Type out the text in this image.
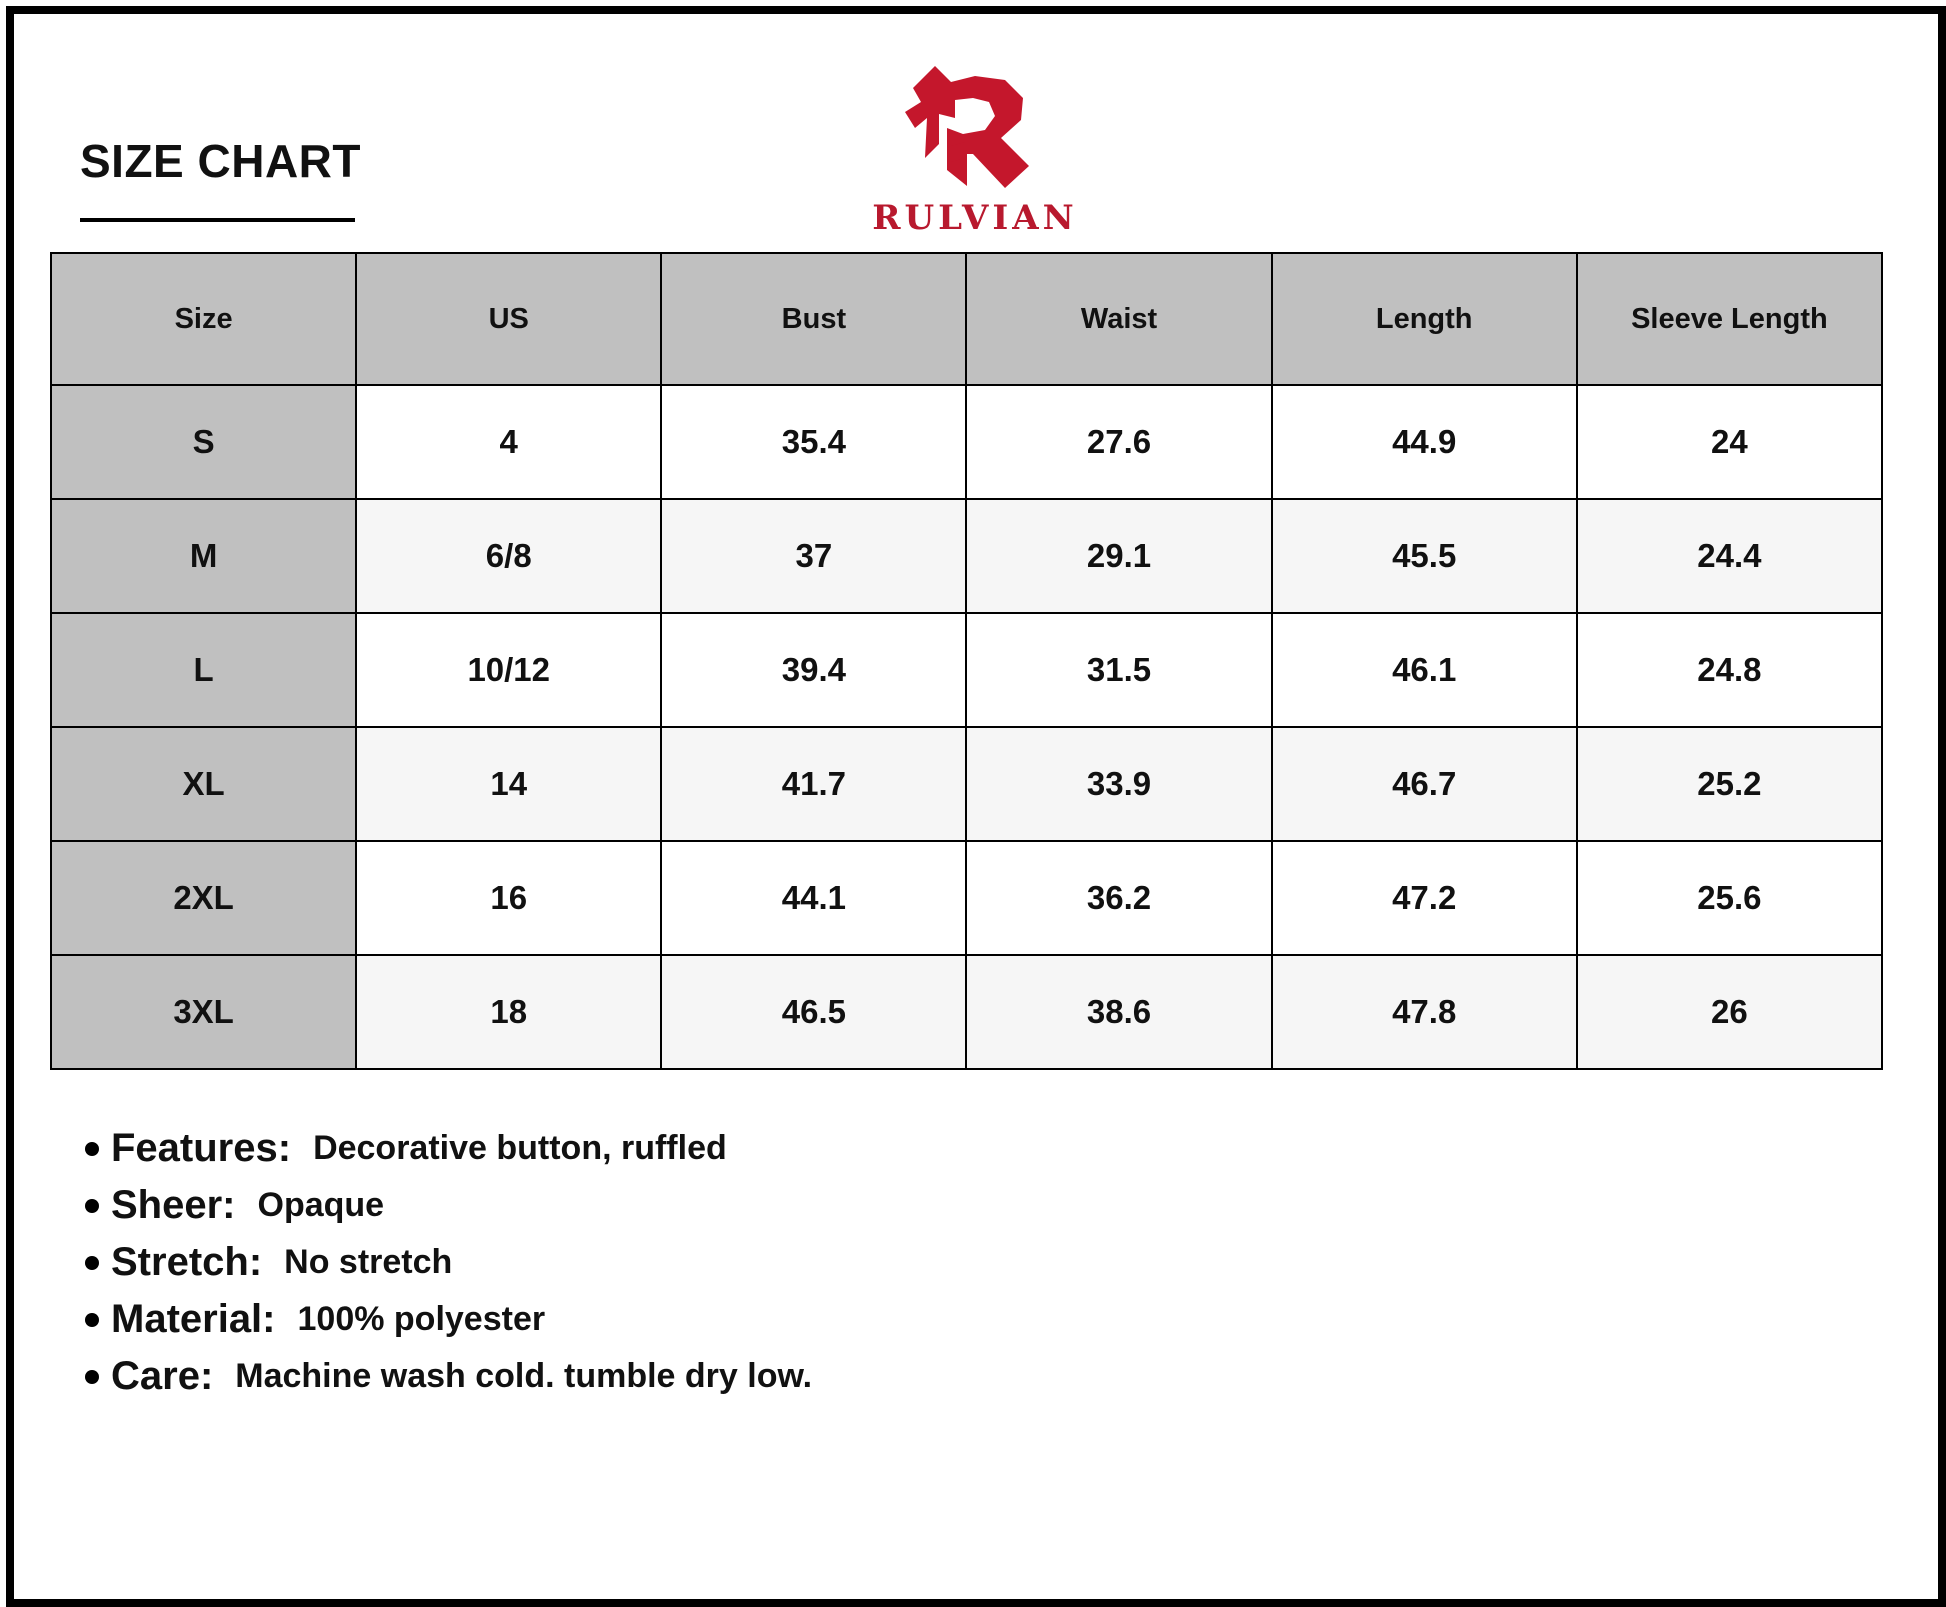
SIZE CHART
RULVIAN
Size	US	Bust	Waist	Length	Sleeve Length
S	4	35.4	27.6	44.9	24
M	6/8	37	29.1	45.5	24.4
L	10/12	39.4	31.5	46.1	24.8
XL	14	41.7	33.9	46.7	25.2
2XL	16	44.1	36.2	47.2	25.6
3XL	18	46.5	38.6	47.8	26
Features: Decorative button, ruffled
Sheer: Opaque
Stretch: No stretch
Material: 100% polyester
Care: Machine wash cold. tumble dry low.
